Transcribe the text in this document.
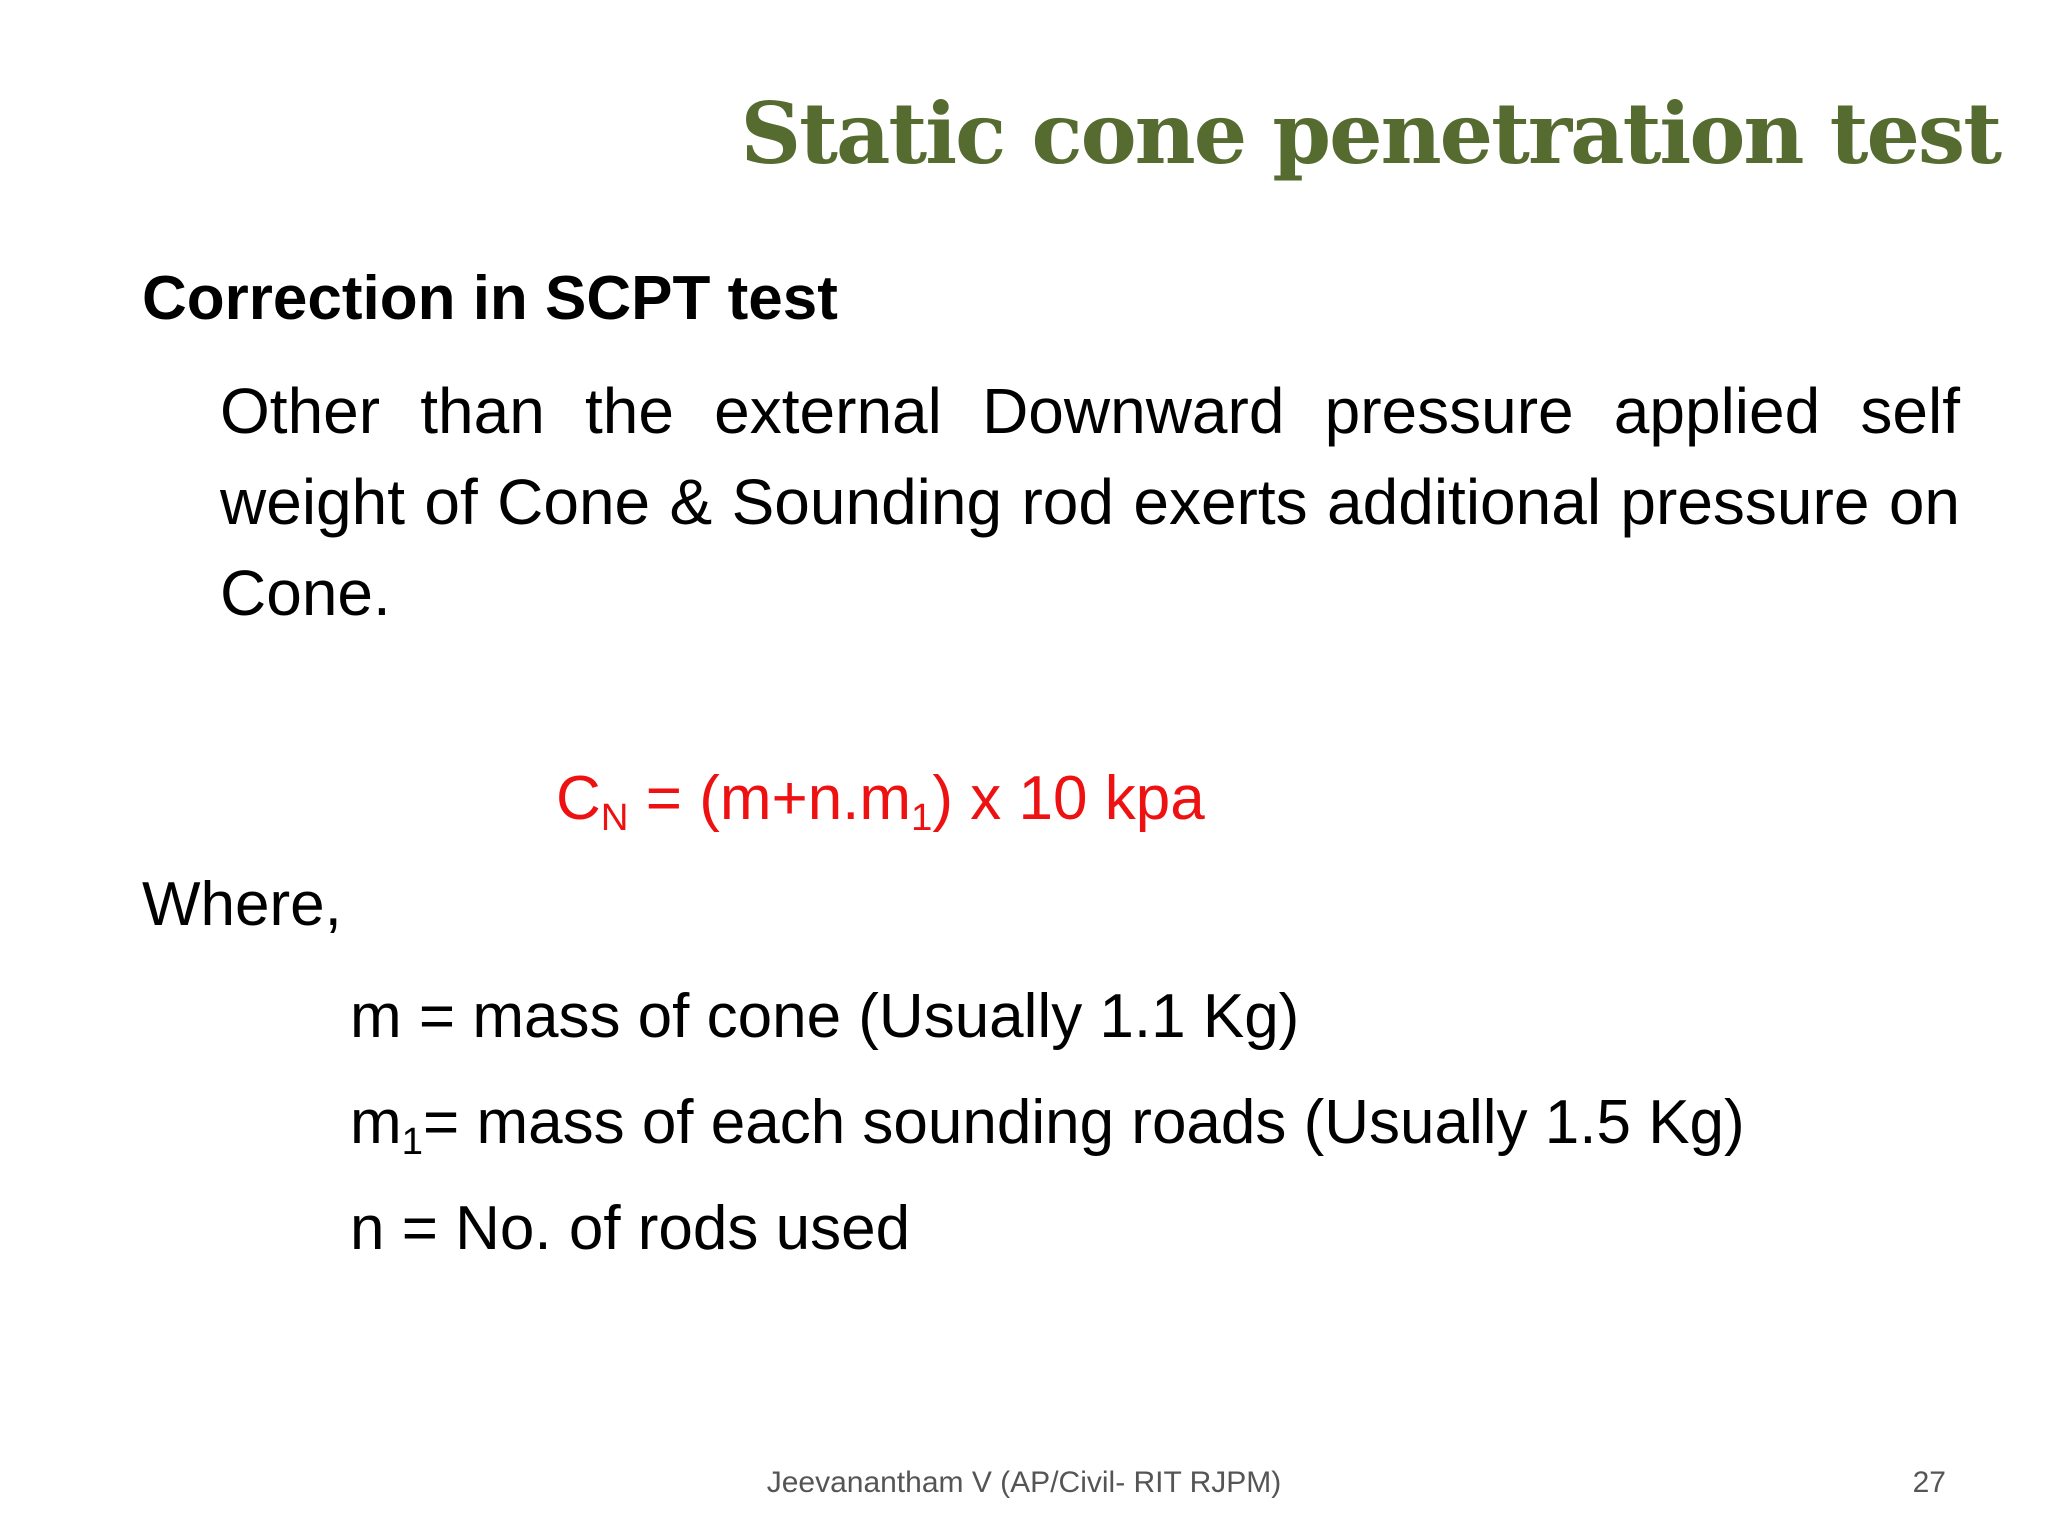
Static cone penetration test
Correction in SCPT test
Other than the external Downward pressure applied self weight of Cone & Sounding rod exerts additional pressure on Cone.
$C_N = (m+n.m_1)$ x 10 kpa
Where,
m = mass of cone (Usually 1.1 Kg)
$m_1=$ mass of each sounding roads (Usually 1.5 Kg)
n = No. of rods used
Jeevanantham V (AP/Civil- RIT RJPM)	27
